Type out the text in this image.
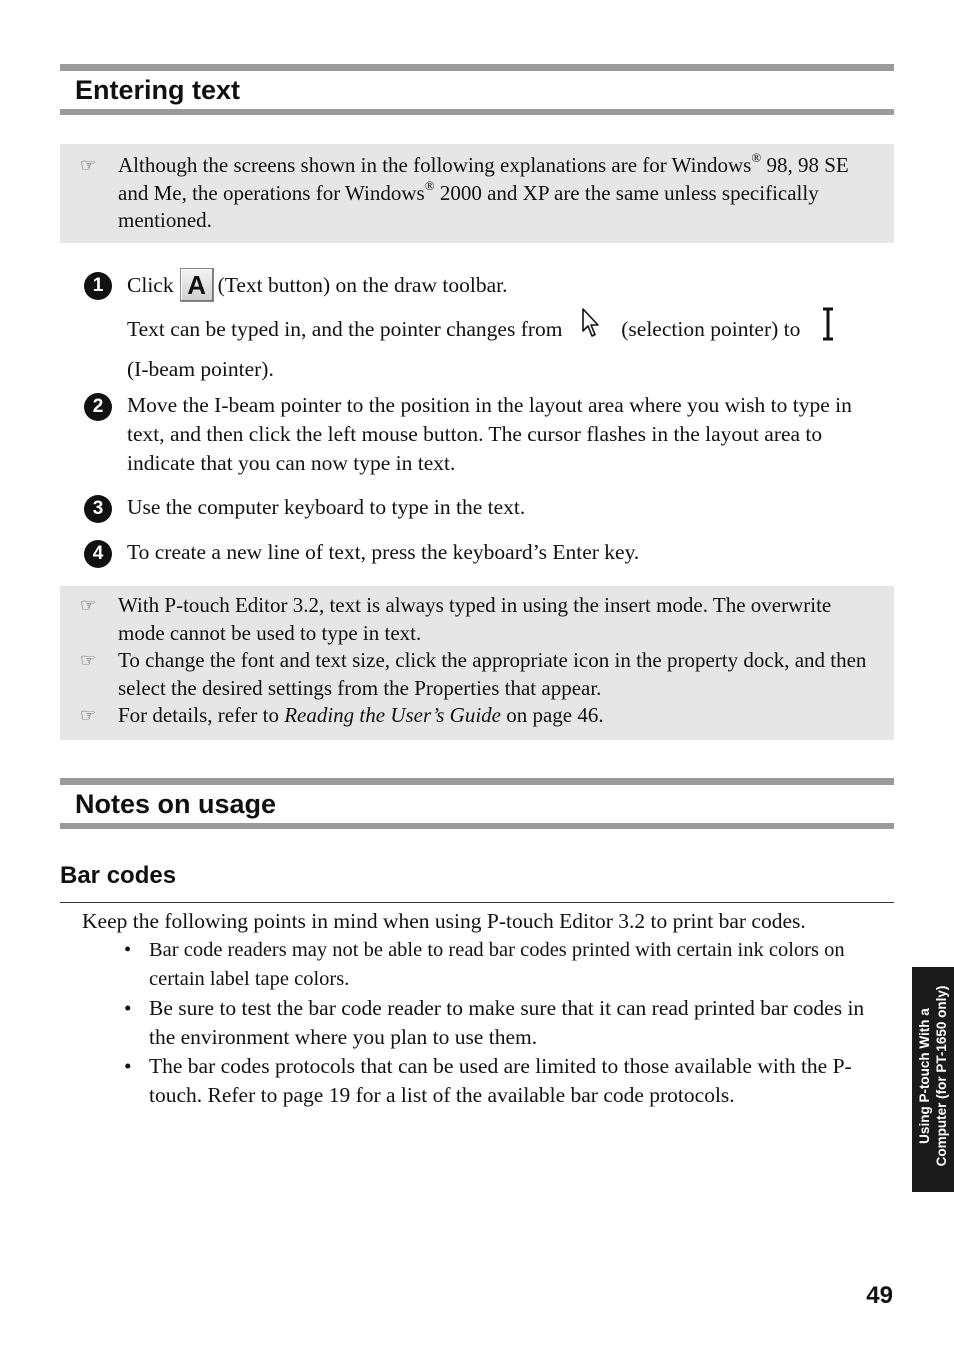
Entering text
☞ Although the screens shown in the following explanations are for Windows® 98, 98 SE and Me, the operations for Windows® 2000 and XP are the same unless specifically mentioned.
1	Click A (Text button) on the draw toolbar.
Text can be typed in, and the pointer changes from	(selection pointer) to
(I-beam pointer).
2	Move the I-beam pointer to the position in the layout area where you wish to type in text, and then click the left mouse button. The cursor flashes in the layout area to indicate that you can now type in text.
3	Use the computer keyboard to type in the text.
4	To create a new line of text, press the keyboard’s Enter key.
☞ With P-touch Editor 3.2, text is always typed in using the insert mode. The overwrite mode cannot be used to type in text.
☞ To change the font and text size, click the appropriate icon in the property dock, and then select the desired settings from the Properties that appear.
☞ For details, refer to Reading the User’s Guide on page 46.
Notes on usage
Bar codes
Keep the following points in mind when using P-touch Editor 3.2 to print bar codes.
• Bar code readers may not be able to read bar codes printed with certain ink colors on certain label tape colors.
• Be sure to test the bar code reader to make sure that it can read printed bar codes in the environment where you plan to use them.
• The bar codes protocols that can be used are limited to those available with the P-touch. Refer to page 19 for a list of the available bar code protocols.	Using P-touch With a Computer (for PT-1650 only)
49
